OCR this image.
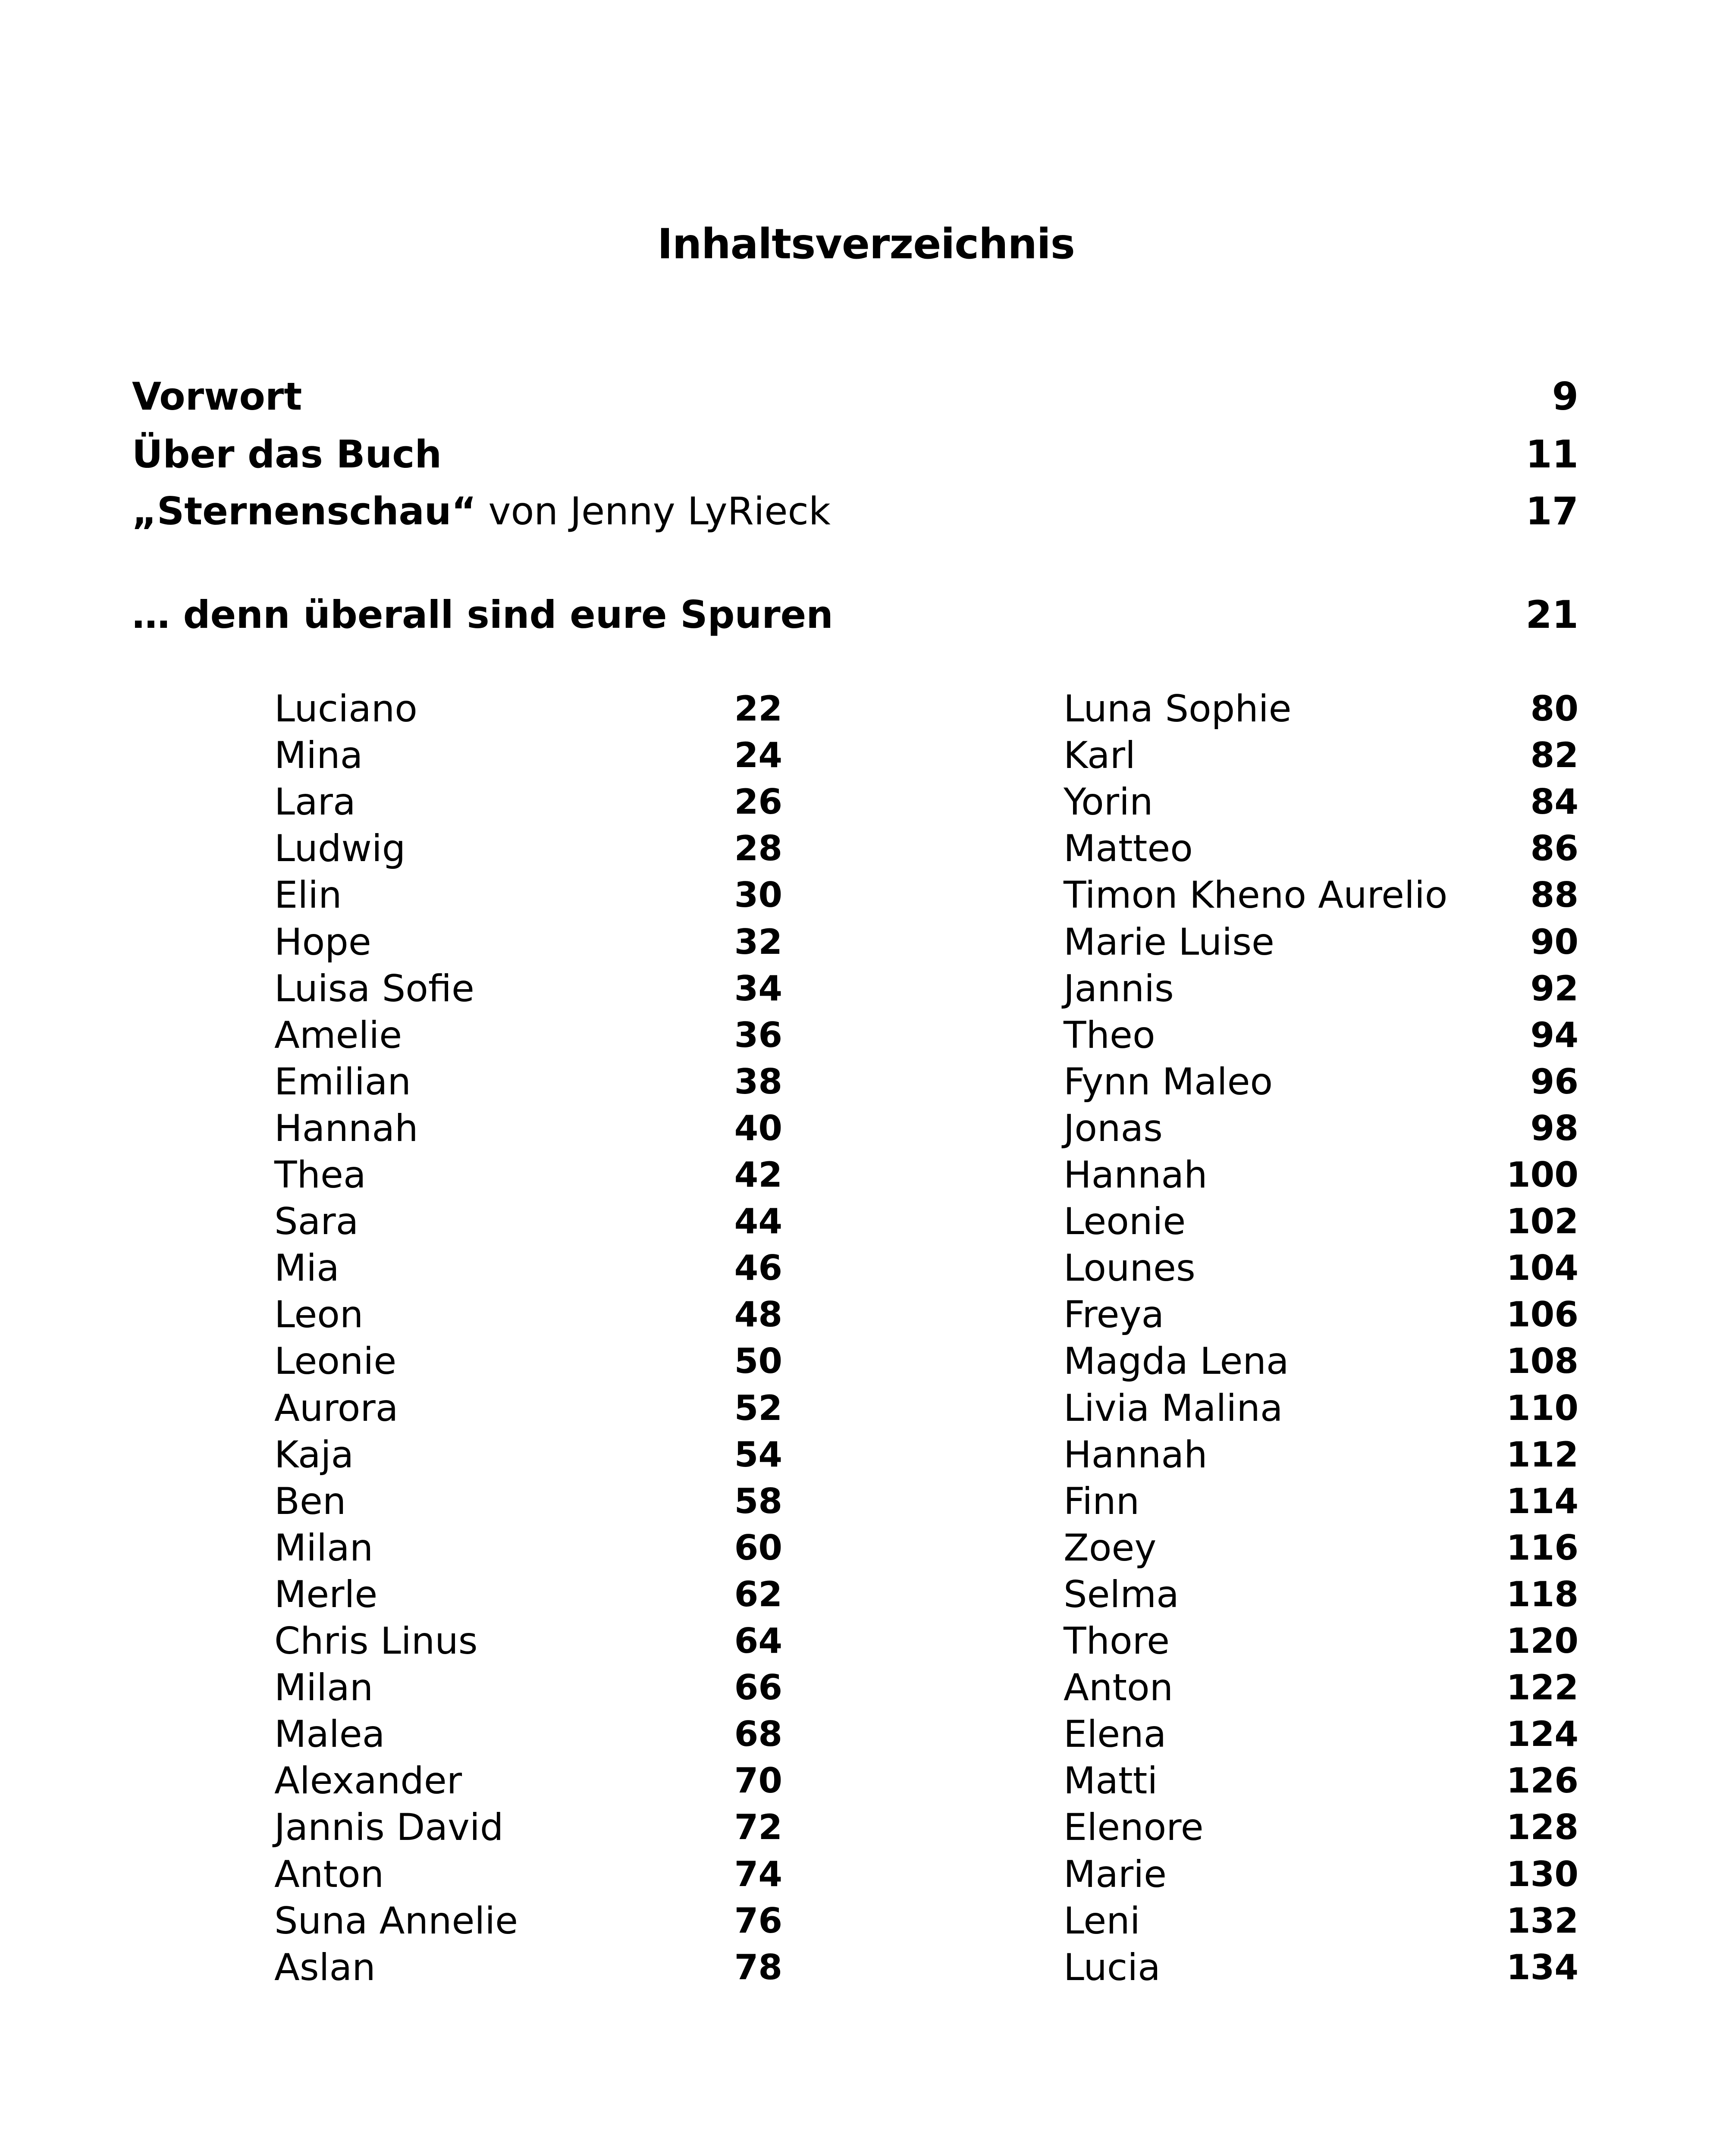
Inhaltsverzeichnis
Vorwort	9
Über das Buch	11
„Sternenschau“ von Jenny LyRieck	17
… denn überall sind eure Spuren	21
Luciano	22
Mina	24
Lara	26
Ludwig	28
Elin	30
Hope	32
Luisa Sofie	34
Amelie	36
Emilian	38
Hannah	40
Thea	42
Sara	44
Mia	46
Leon	48
Leonie	50
Aurora	52
Kaja	54
Ben	58
Milan	60
Merle	62
Chris Linus	64
Milan	66
Malea	68
Alexander	70
Jannis David	72
Anton	74
Suna Annelie	76
Aslan	78
Luna Sophie	80
Karl	82
Yorin	84
Matteo	86
Timon Kheno Aurelio 88
Marie Luise	90
Jannis	92
Theo	94
Fynn Maleo	96
Jonas	98
Hannah	100
Leonie	102
Lounes	104
Freya	106
Magda Lena	108
Livia Malina	110
Hannah	112
Finn	114
Zoey	116
Selma	118
Thore	120
Anton	122
Elena	124
Matti	126
Elenore	128
Marie	130
Leni	132
Lucia	134
